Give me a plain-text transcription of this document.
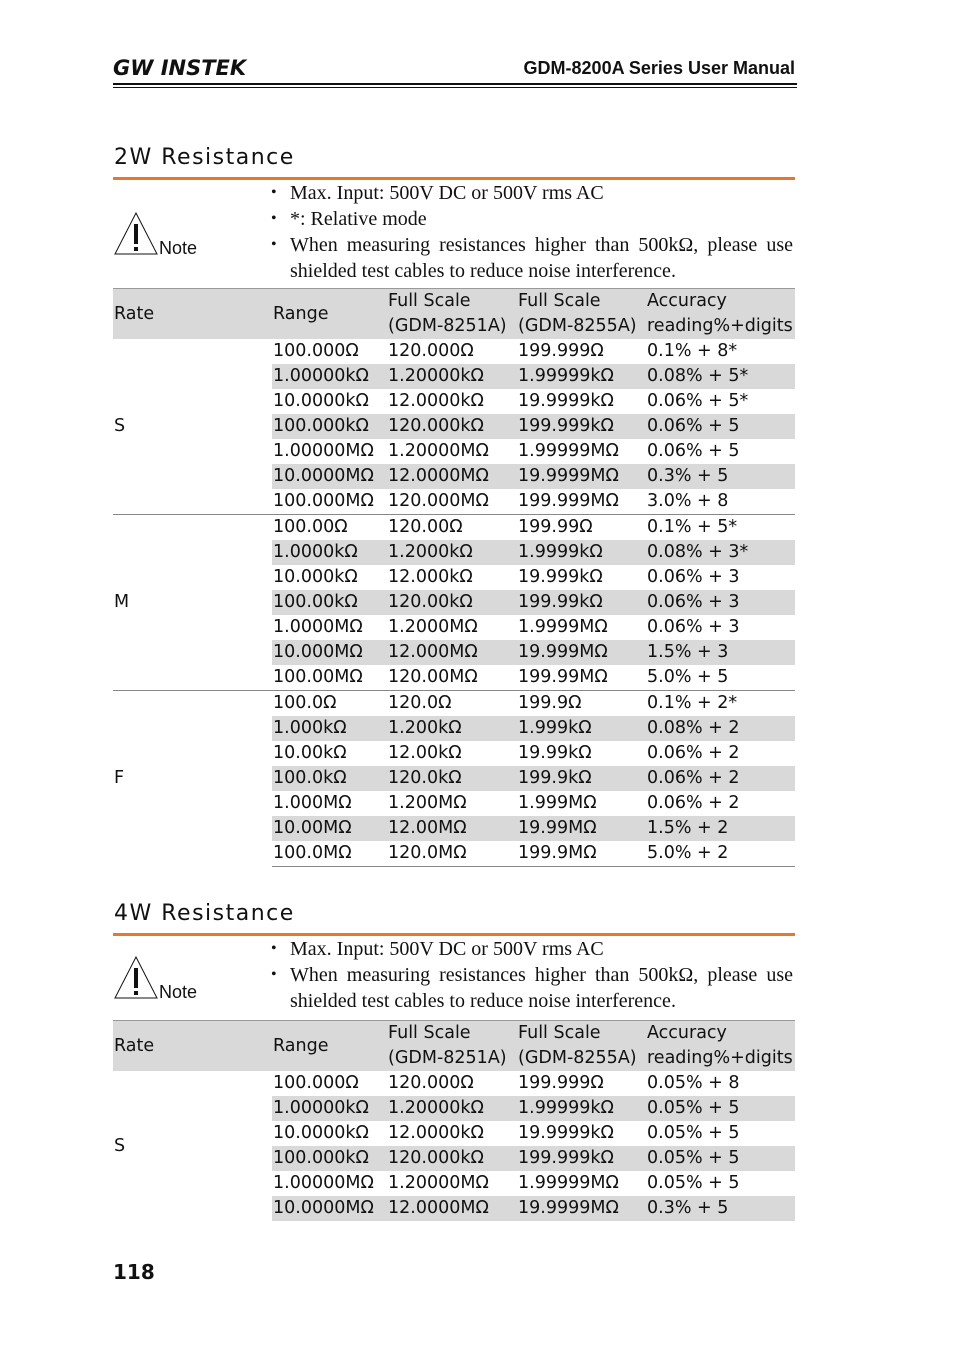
GW INSTEK	GDM-8200A Series User Manual
2W Resistance
Note
• Max. Input: 500V DC or 500V rms AC
• *: Relative mode
• When measuring resistances higher than 500kΩ, please use shielded test cables to reduce noise interference.
Rate	Range	Full Scale	Full Scale	Accuracy
		(GDM-8251A)	(GDM-8255A)	reading%+digits
S	100.000Ω	120.000Ω	199.999Ω	0.1% + 8*
	1.00000kΩ	1.20000kΩ	1.99999kΩ	0.08% + 5*
	10.0000kΩ	12.0000kΩ	19.9999kΩ	0.06% + 5*
	100.000kΩ	120.000kΩ	199.999kΩ	0.06% + 5
	1.00000MΩ	1.20000MΩ	1.99999MΩ	0.06% + 5
	10.0000MΩ	12.0000MΩ	19.9999MΩ	0.3% + 5
	100.000MΩ	120.000MΩ	199.999MΩ	3.0% + 8
M	100.00Ω	120.00Ω	199.99Ω	0.1% + 5*
	1.0000kΩ	1.2000kΩ	1.9999kΩ	0.08% + 3*
	10.000kΩ	12.000kΩ	19.999kΩ	0.06% + 3
	100.00kΩ	120.00kΩ	199.99kΩ	0.06% + 3
	1.0000MΩ	1.2000MΩ	1.9999MΩ	0.06% + 3
	10.000MΩ	12.000MΩ	19.999MΩ	1.5% + 3
	100.00MΩ	120.00MΩ	199.99MΩ	5.0% + 5
F	100.0Ω	120.0Ω	199.9Ω	0.1% + 2*
	1.000kΩ	1.200kΩ	1.999kΩ	0.08% + 2
	10.00kΩ	12.00kΩ	19.99kΩ	0.06% + 2
	100.0kΩ	120.0kΩ	199.9kΩ	0.06% + 2
	1.000MΩ	1.200MΩ	1.999MΩ	0.06% + 2
	10.00MΩ	12.00MΩ	19.99MΩ	1.5% + 2
	100.0MΩ	120.0MΩ	199.9MΩ	5.0% + 2
4W Resistance
Note
• Max. Input: 500V DC or 500V rms AC
• When measuring resistances higher than 500kΩ, please use shielded test cables to reduce noise interference.
Rate	Range	Full Scale	Full Scale	Accuracy
		(GDM-8251A)	(GDM-8255A)	reading%+digits
S	100.000Ω	120.000Ω	199.999Ω	0.05% + 8
	1.00000kΩ	1.20000kΩ	1.99999kΩ	0.05% + 5
	10.0000kΩ	12.0000kΩ	19.9999kΩ	0.05% + 5
	100.000kΩ	120.000kΩ	199.999kΩ	0.05% + 5
	1.00000MΩ	1.20000MΩ	1.99999MΩ	0.05% + 5
	10.0000MΩ	12.0000MΩ	19.9999MΩ	0.3% + 5
118
